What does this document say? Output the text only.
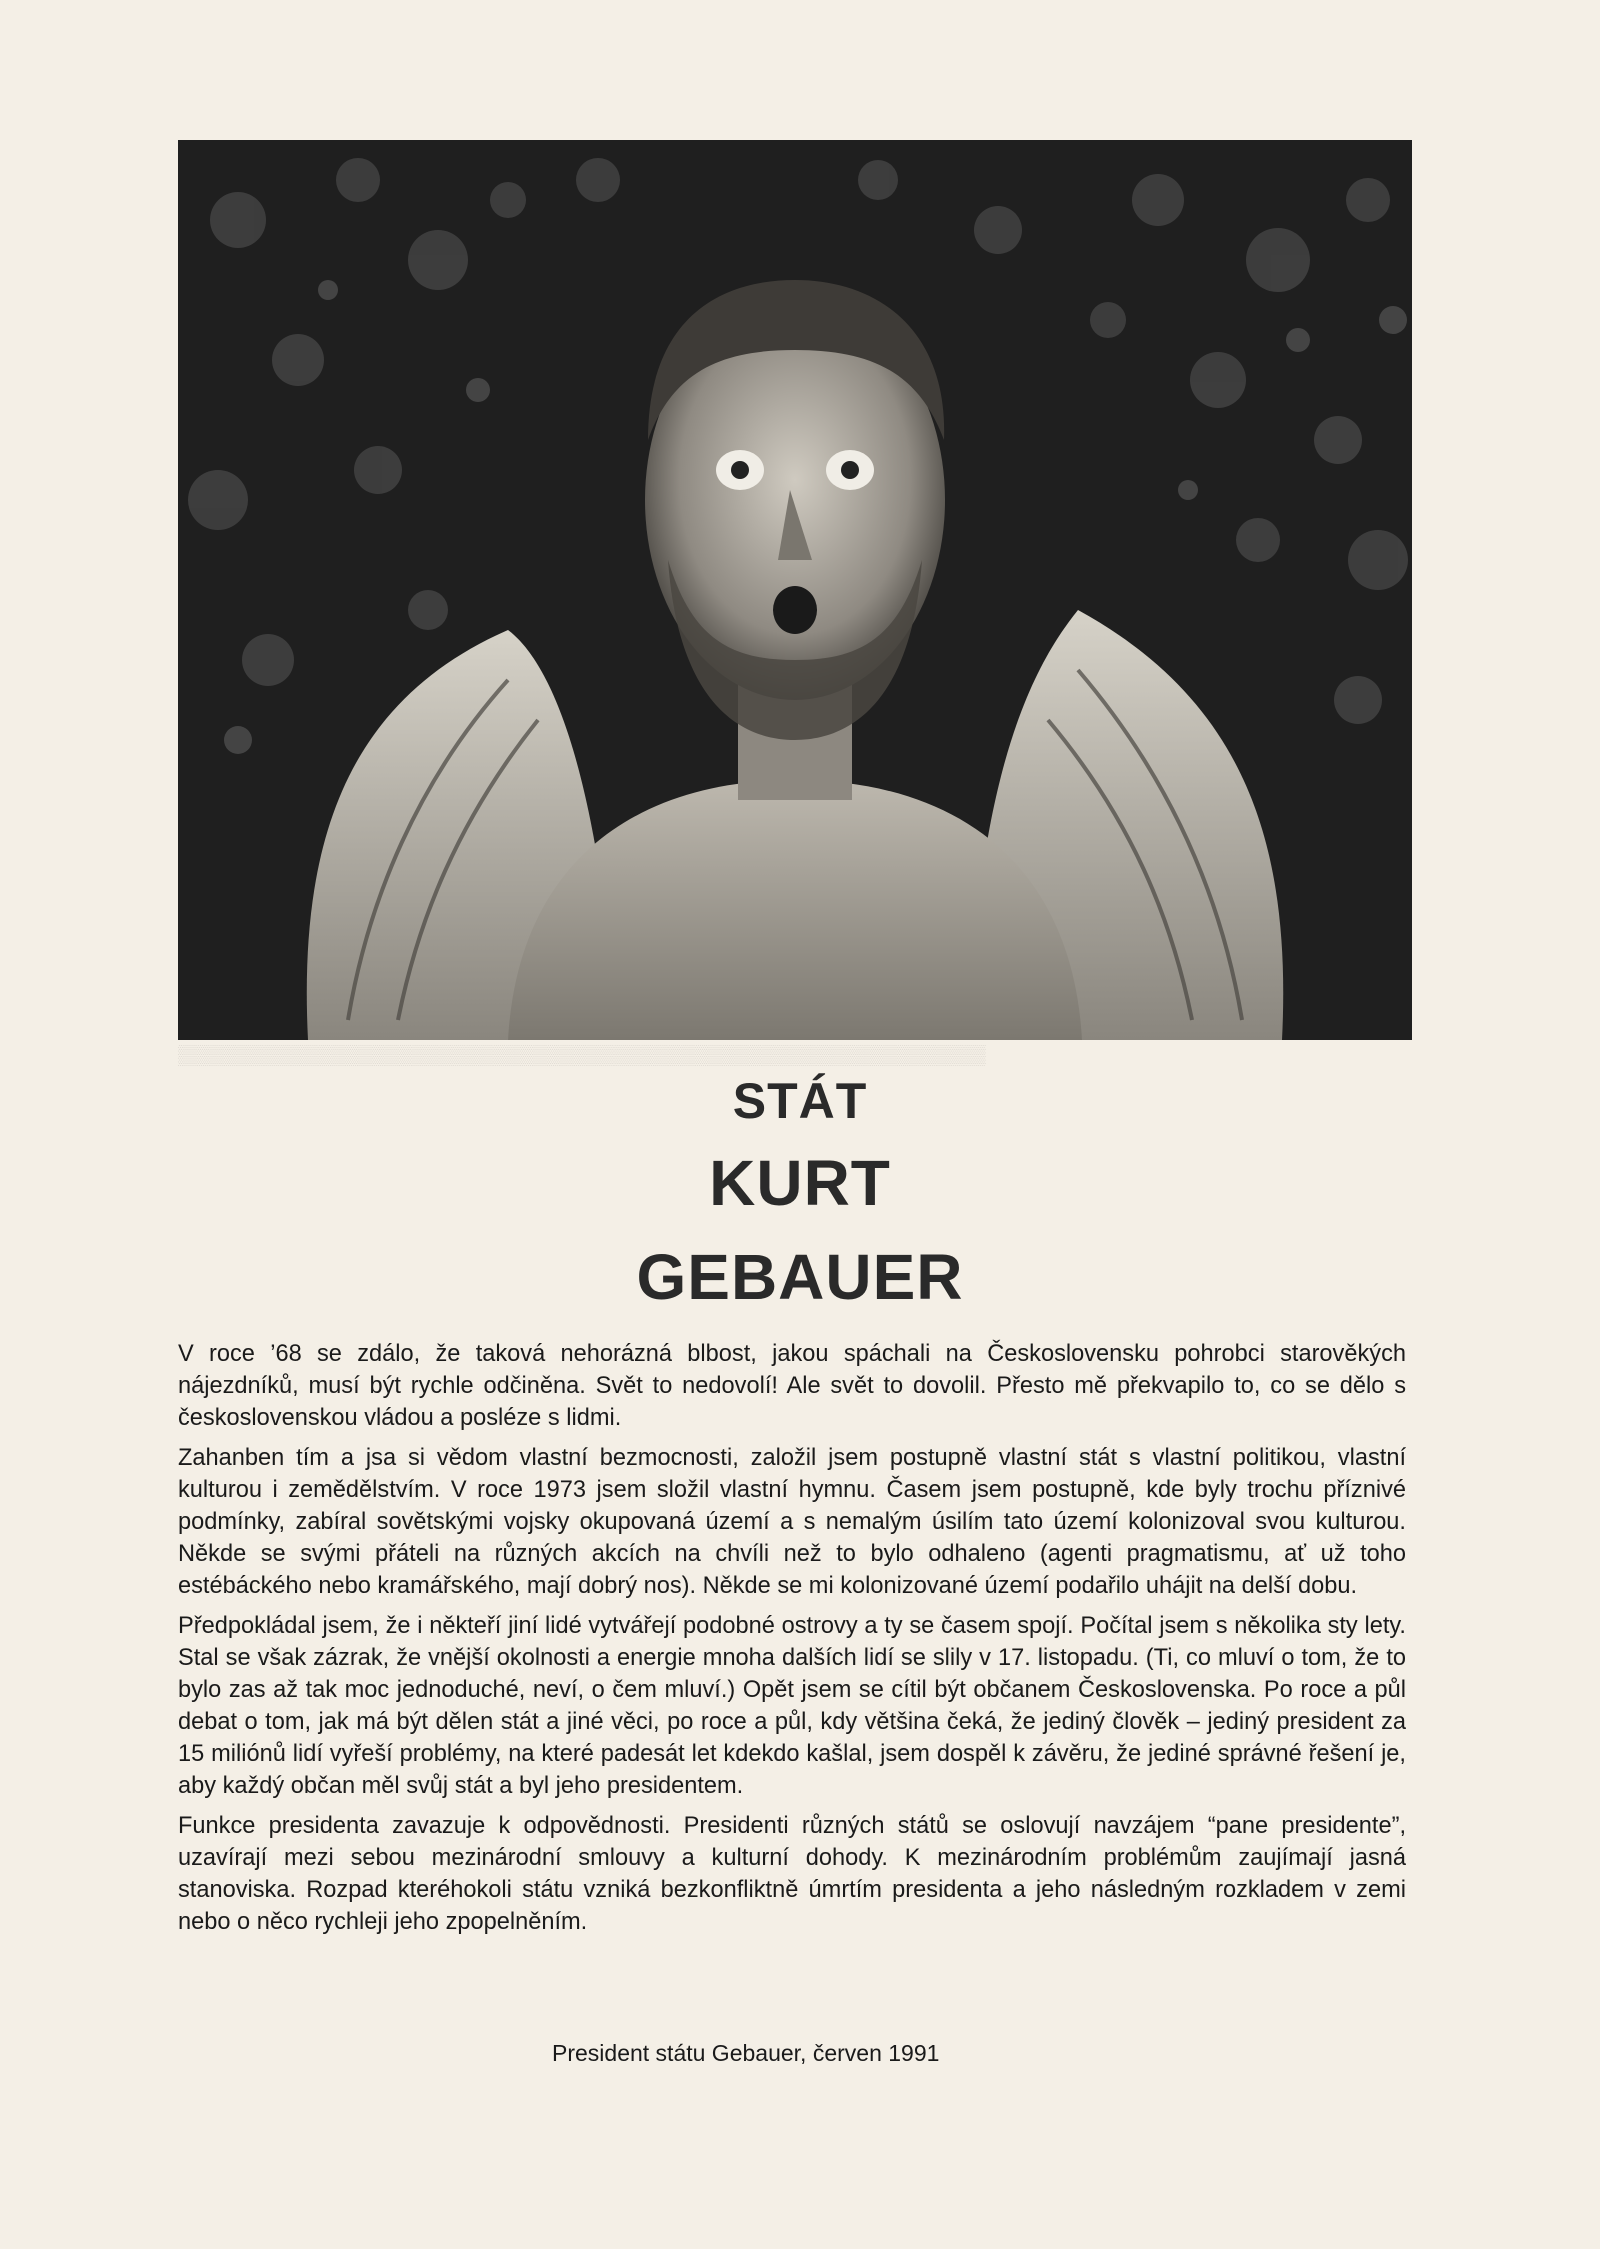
▒▒▒▒▒▒▒▒▒▒▒▒▒▒▒▒▒▒▒▒▒▒▒▒▒▒▒▒▒▒▒▒▒▒▒▒▒▒▒▒▒▒▒▒▒▒▒▒▒▒▒▒▒▒▒▒▒▒▒▒

STÁT
KURT
GEBAUER

V roce ’68 se zdálo, že taková nehorázná blbost, jakou spáchali na Československu pohrobci starověkých nájezdníků, musí být rychle odčiněna. Svět to nedovolí! Ale svět to dovolil. Přesto mě překvapilo to, co se dělo s československou vládou a posléze s lidmi.

Zahanben tím a jsa si vědom vlastní bezmocnosti, založil jsem postupně vlastní stát s vlastní politikou, vlastní kulturou i zemědělstvím. V roce 1973 jsem složil vlastní hymnu. Časem jsem postupně, kde byly trochu příznivé podmínky, zabíral sovětskými vojsky okupovaná území a s nemalým úsilím tato území kolonizoval svou kulturou. Někde se svými přáteli na různých akcích na chvíli než to bylo odhaleno (agenti pragmatismu, ať už toho estébáckého nebo kramářského, mají dobrý nos). Někde se mi kolonizované území podařilo uhájit na delší dobu.

Předpokládal jsem, že i někteří jiní lidé vytvářejí podobné ostrovy a ty se časem spojí. Počítal jsem s několika sty lety. Stal se však zázrak, že vnější okolnosti a energie mnoha dalších lidí se slily v 17. listopadu. (Ti, co mluví o tom, že to bylo zas až tak moc jednoduché, neví, o čem mluví.) Opět jsem se cítil být občanem Československa. Po roce a půl debat o tom, jak má být dělen stát a jiné věci, po roce a půl, kdy většina čeká, že jediný člověk – jediný president za 15 miliónů lidí vyřeší problémy, na které padesát let kdekdo kašlal, jsem dospěl k závěru, že jediné správné řešení je, aby každý občan měl svůj stát a byl jeho presidentem.

Funkce presidenta zavazuje k odpovědnosti. Presidenti různých států se oslovují navzájem “pane presidente”, uzavírají mezi sebou mezinárodní smlouvy a kulturní dohody. K mezinárodním problémům zaujímají jasná stanoviska. Rozpad kteréhokoli státu vzniká bezkonfliktně úmrtím presidenta a jeho následným rozkladem v zemi nebo o něco rychleji jeho zpopelněním.

President státu Gebauer, červen 1991
